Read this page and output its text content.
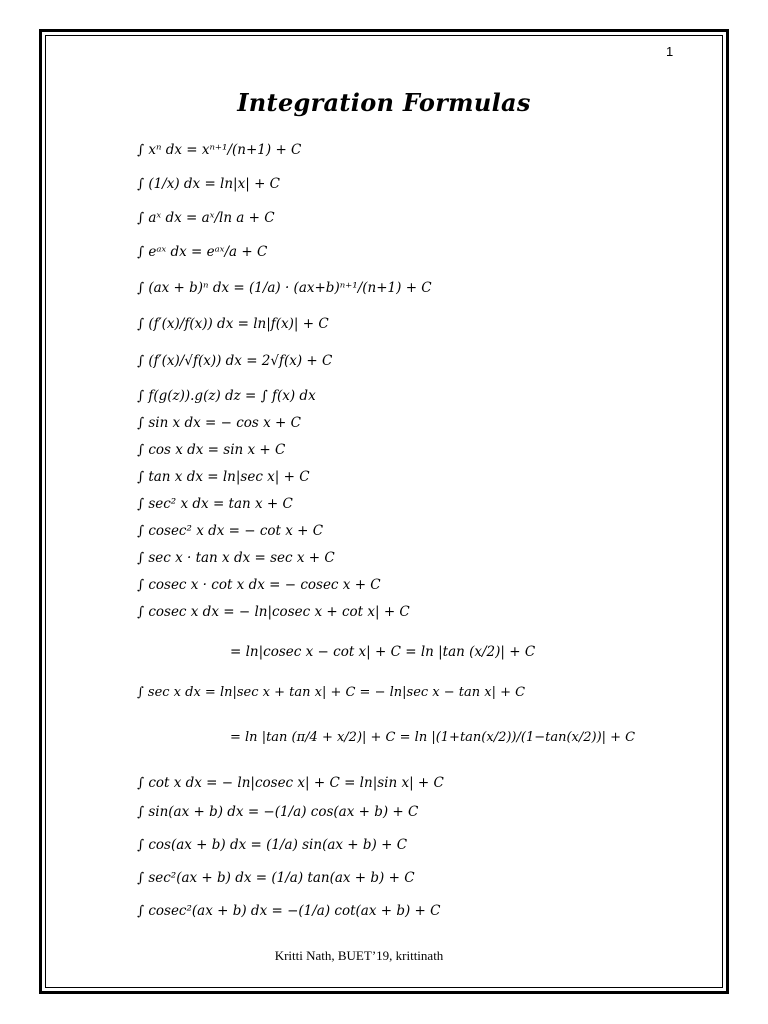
1
Integration Formulas
∫ xⁿ dx = xⁿ⁺¹/(n+1) + C
∫ (1/x) dx = ln|x| + C
∫ aˣ dx = aˣ/ln a + C
∫ eᵃˣ dx = eᵃˣ/a + C
∫ (ax + b)ⁿ dx = (1/a) · (ax+b)ⁿ⁺¹/(n+1) + C
∫ (f′(x)/f(x)) dx = ln|f(x)| + C
∫ (f′(x)/√f(x)) dx = 2√f(x) + C
∫ f(g(z)).g(z) dz = ∫ f(x) dx
∫ sin x dx = − cos x + C
∫ cos x dx = sin x + C
∫ tan x dx = ln|sec x| + C
∫ sec² x dx = tan x + C
∫ cosec² x dx = − cot x + C
∫ sec x · tan x dx = sec x + C
∫ cosec x · cot x dx = − cosec x + C
∫ cosec x dx = − ln|cosec x + cot x| + C
= ln|cosec x − cot x| + C = ln |tan (x/2)| + C
∫ sec x dx = ln|sec x + tan x| + C = − ln|sec x − tan x| + C
= ln |tan (π/4 + x/2)| + C = ln |(1+tan(x/2))/(1−tan(x/2))| + C
∫ cot x dx = − ln|cosec x| + C = ln|sin x| + C
∫ sin(ax + b) dx = −(1/a) cos(ax + b) + C
∫ cos(ax + b) dx = (1/a) sin(ax + b) + C
∫ sec²(ax + b) dx = (1/a) tan(ax + b) + C
∫ cosec²(ax + b) dx = −(1/a) cot(ax + b) + C
Kritti Nath, BUET’19, krittinath
